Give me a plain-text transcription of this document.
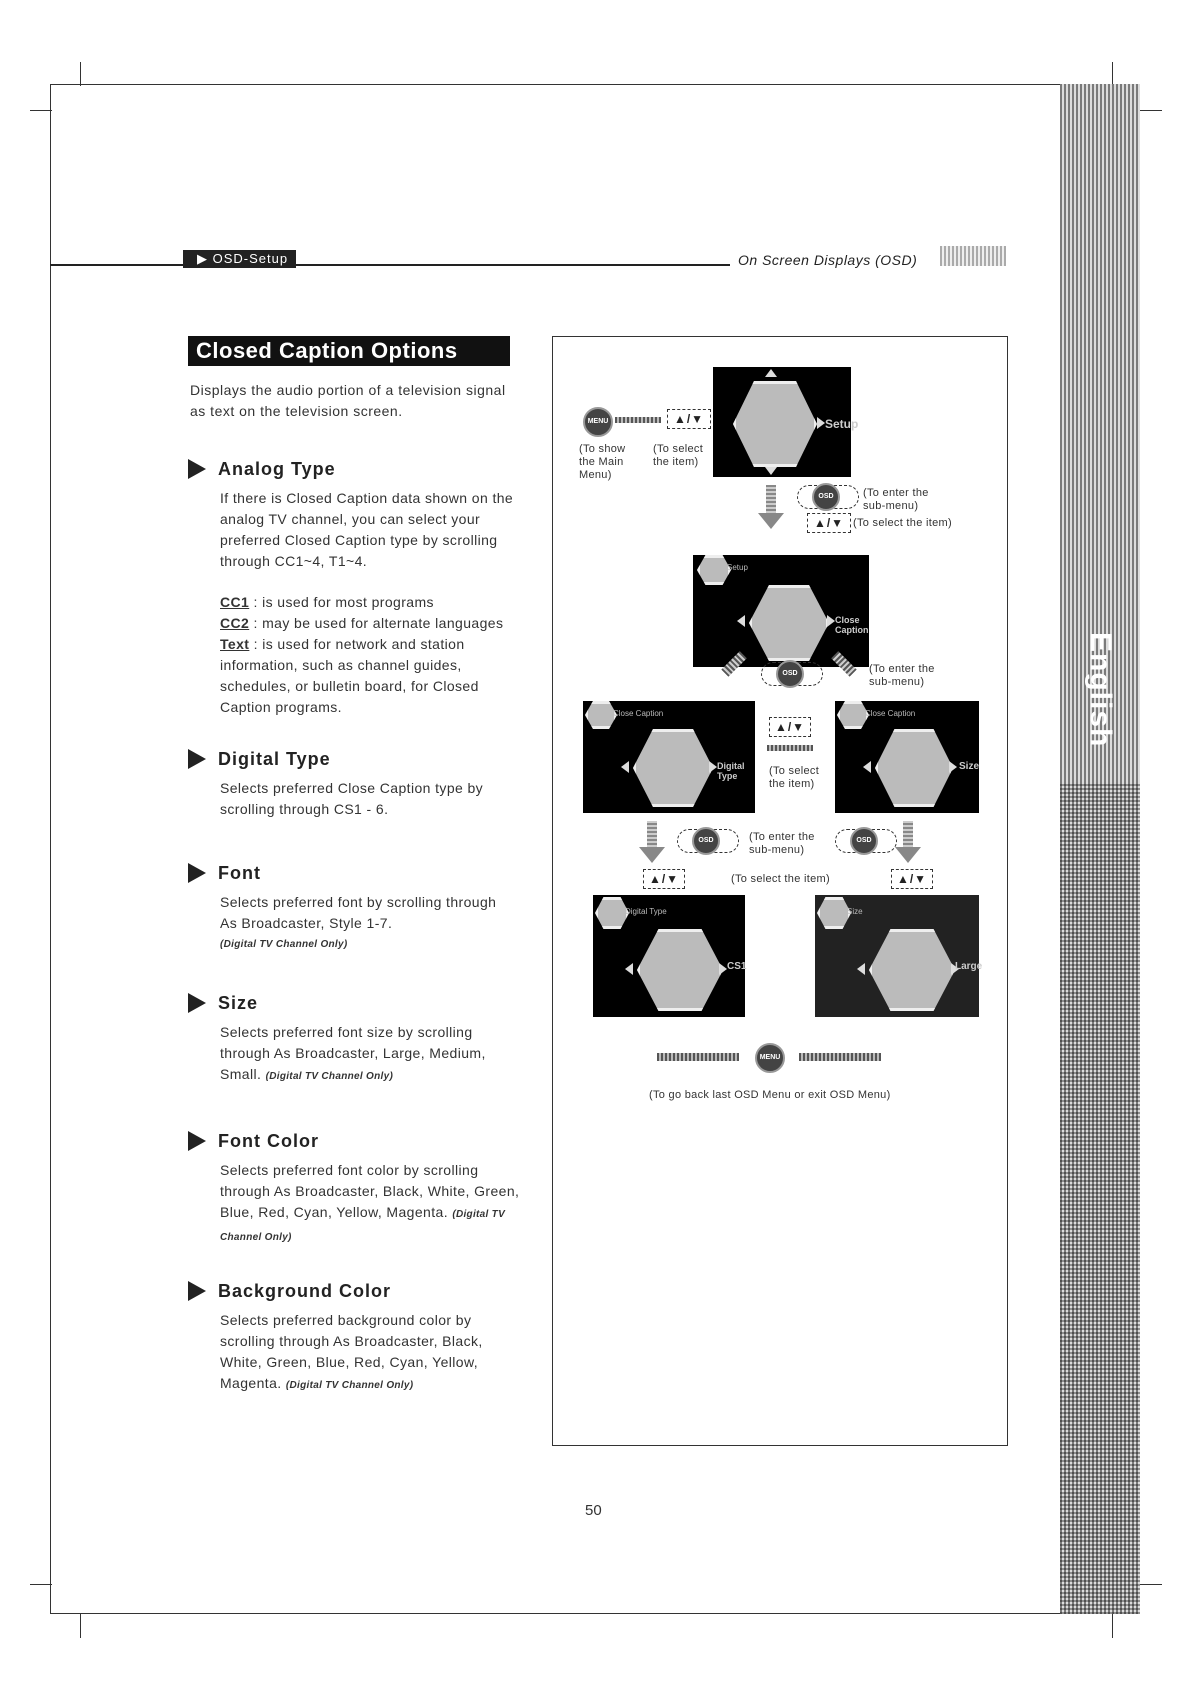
English
▶ OSD-Setup	On Screen Displays (OSD)
Closed Caption Options
Displays the audio portion of a television signal as text on the television screen.
Analog Type
If there is Closed Caption data shown on the analog TV channel, you can select your preferred Closed Caption type by scrolling through CC1~4, T1~4.
CC1 : is used for most programs
CC2 : may be used for alternate languages
Text : is used for network and station information, such as channel guides, schedules, or bulletin board, for Closed Caption programs.
Digital Type
Selects preferred Close Caption type by scrolling through CS1 - 6.
Font
Selects preferred font by scrolling through As Broadcaster, Style 1-7.
(Digital TV Channel Only)
Size
Selects preferred font size by scrolling through As Broadcaster, Large, Medium, Small. (Digital TV Channel Only)
Font Color
Selects preferred font color by scrolling through As Broadcaster, Black, White, Green, Blue, Red, Cyan, Yellow, Magenta. (Digital TV Channel Only)
Background Color
Selects preferred background color by scrolling through As Broadcaster, Black, White, Green, Blue, Red, Cyan, Yellow, Magenta. (Digital TV Channel Only)
MENU	▲/▼
(To show the Main Menu)
(To select the item)
Setup
OSD	(To enter the sub-menu)
▲/▼ (To select the item)
Setup
Close Caption
OSD	(To enter the sub-menu)
Close Caption
Digital Type
▲/▼
(To select the item)
Close Caption
Size
OSD	(To enter the sub-menu)
OSD
▲/▼	(To select the item)	▲/▼
Digital Type
CS1
Size
Large
MENU
(To go back last OSD Menu or exit OSD Menu)
50
